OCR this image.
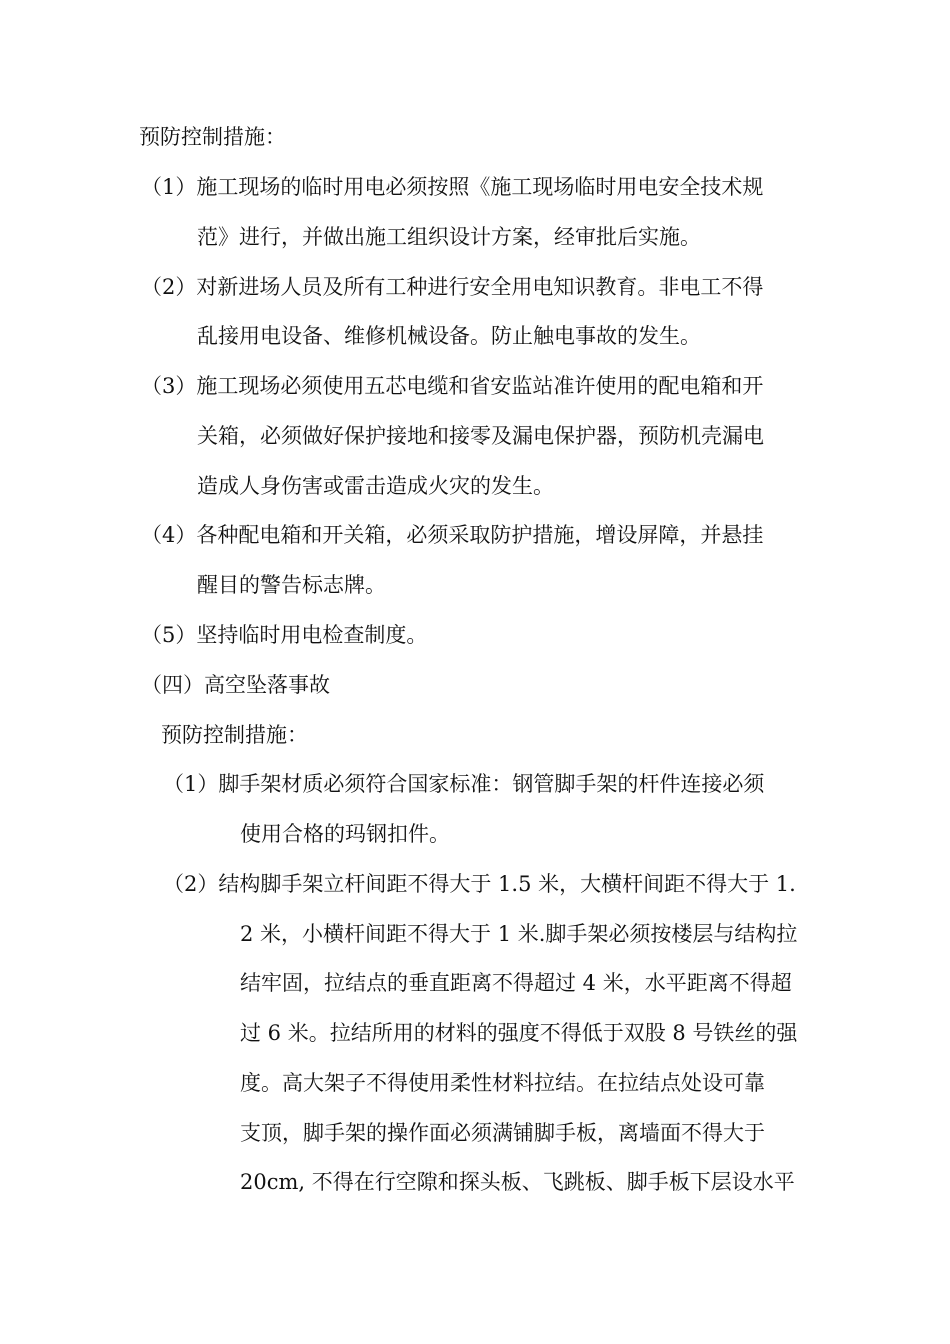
预防控制措施：

（1）施工现场的临时用电必须按照《施工现场临时用电安全技术规

范》进行，并做出施工组织设计方案，经审批后实施。

（2）对新进场人员及所有工种进行安全用电知识教育。非电工不得

乱接用电设备、维修机械设备。防止触电事故的发生。

（3）施工现场必须使用五芯电缆和省安监站准许使用的配电箱和开

关箱，必须做好保护接地和接零及漏电保护器，预防机壳漏电

造成人身伤害或雷击造成火灾的发生。

（4）各种配电箱和开关箱，必须采取防护措施，增设屏障，并悬挂

醒目的警告标志牌。

（5）坚持临时用电检查制度。

（四）高空坠落事故

预防控制措施：

（1）脚手架材质必须符合国家标准：钢管脚手架的杆件连接必须

使用合格的玛钢扣件。

（2）结构脚手架立杆间距不得大于 1.5 米，大横杆间距不得大于 1.

2 米，小横杆间距不得大于 1 米.脚手架必须按楼层与结构拉

结牢固，拉结点的垂直距离不得超过 4 米，水平距离不得超

过 6 米。拉结所用的材料的强度不得低于双股 8 号铁丝的强

度。高大架子不得使用柔性材料拉结。在拉结点处设可靠

支顶，脚手架的操作面必须满铺脚手板，离墙面不得大于

20cm, 不得在行空隙和探头板、飞跳板、脚手板下层设水平
